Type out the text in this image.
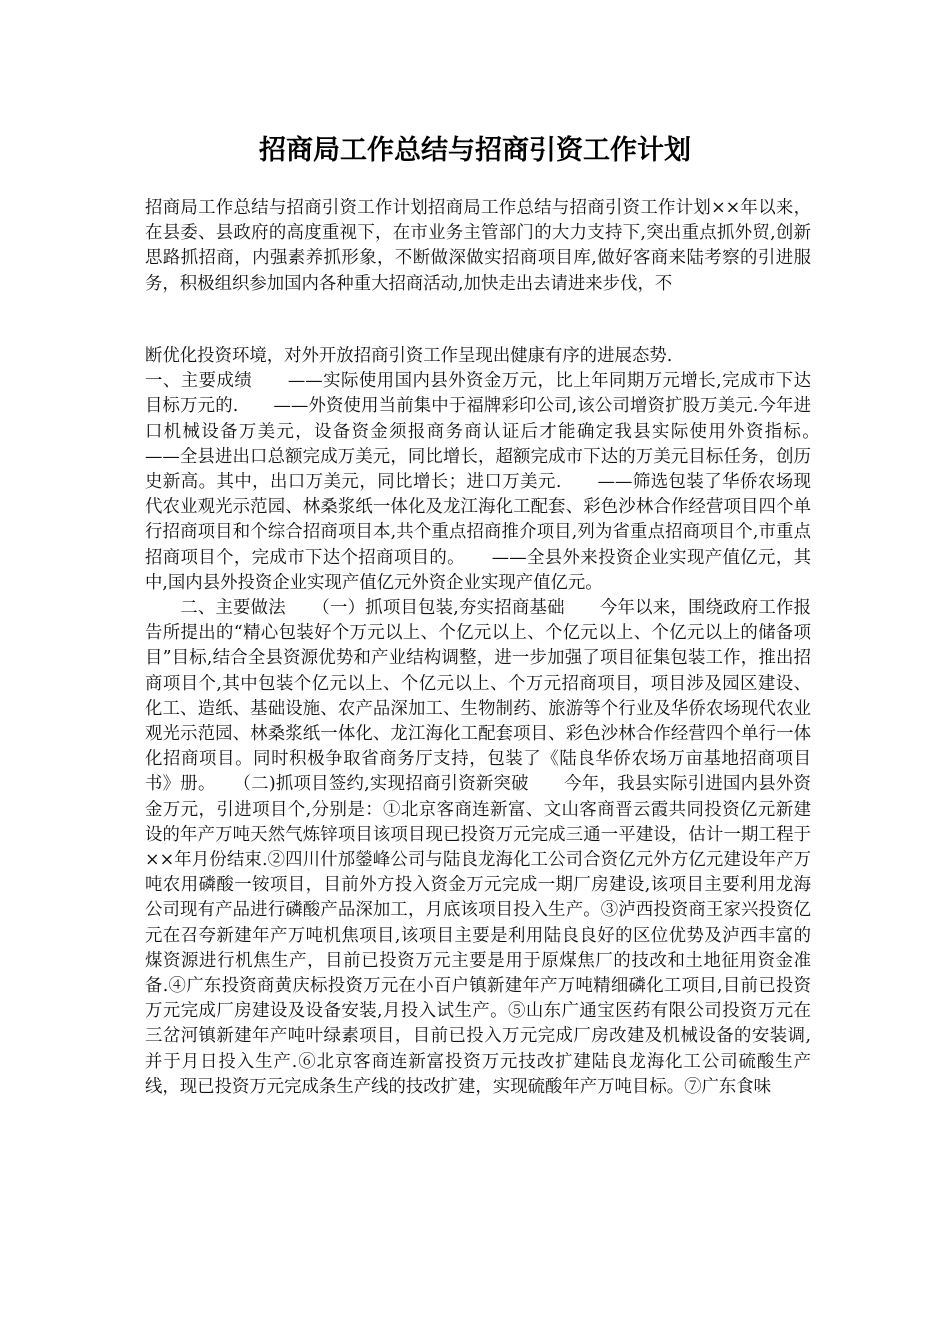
招商局工作总结与招商引资工作计划

招商局工作总结与招商引资工作计划招商局工作总结与招商引资工作计划××年以来，在县委、县政府的高度重视下，在市业务主管部门的大力支持下,突出重点抓外贸,创新思路抓招商，内强素养抓形象，不断做深做实招商项目库,做好客商来陆考察的引进服务，积极组织参加国内各种重大招商活动,加快走出去请进来步伐，不

断优化投资环境，对外开放招商引资工作呈现出健康有序的进展态势.
一、主要成绩　　——实际使用国内县外资金万元，比上年同期万元增长,完成市下达目标万元的.　　——外资使用当前集中于福牌彩印公司,该公司增资扩股万美元.今年进口机械设备万美元，设备资金须报商务商认证后才能确定我县实际使用外资指标。　　——全县进出口总额完成万美元，同比增长，超额完成市下达的万美元目标任务，创历史新高。其中，出口万美元，同比增长；进口万美元.　　——筛选包装了华侨农场现代农业观光示范园、林桑浆纸一体化及龙江海化工配套、彩色沙林合作经营项目四个单行招商项目和个综合招商项目本,共个重点招商推介项目,列为省重点招商项目个,市重点招商项目个，完成市下达个招商项目的。　　——全县外来投资企业实现产值亿元，其中,国内县外投资企业实现产值亿元外资企业实现产值亿元。
　　二、主要做法　　（一）抓项目包装,夯实招商基础　　今年以来，围绕政府工作报告所提出的“精心包装好个万元以上、个亿元以上、个亿元以上、个亿元以上的储备项目”目标,结合全县资源优势和产业结构调整，进一步加强了项目征集包装工作，推出招商项目个,其中包装个亿元以上、个亿元以上、个万元招商项目，项目涉及园区建设、化工、造纸、基础设施、农产品深加工、生物制药、旅游等个行业及华侨农场现代农业观光示范园、林桑浆纸一体化、龙江海化工配套项目、彩色沙林合作经营四个单行一体化招商项目。同时积极争取省商务厅支持，包装了《陆良华侨农场万亩基地招商项目书》册。　　（二)抓项目签约,实现招商引资新突破　　今年，我县实际引进国内县外资金万元，引进项目个,分别是：①北京客商连新富、文山客商晋云霞共同投资亿元新建设的年产万吨天然气炼锌项目该项目现已投资万元完成三通一平建设，估计一期工程于××年月份结束.②四川什邡鎣峰公司与陆良龙海化工公司合资亿元外方亿元建设年产万吨农用磷酸一铵项目，目前外方投入资金万元完成一期厂房建设,该项目主要利用龙海公司现有产品进行磷酸产品深加工，月底该项目投入生产。③泸西投资商王家兴投资亿元在召夸新建年产万吨机焦项目,该项目主要是利用陆良良好的区位优势及泸西丰富的煤资源进行机焦生产，目前已投资万元主要是用于原煤焦厂的技改和土地征用资金准备.④广东投资商黄庆标投资万元在小百户镇新建年产万吨精细磷化工项目,目前已投资万元完成厂房建设及设备安装,月投入试生产。⑤山东广通宝医药有限公司投资万元在三岔河镇新建年产吨叶绿素项目，目前已投入万元完成厂房改建及机械设备的安装调,并于月日投入生产.⑥北京客商连新富投资万元技改扩建陆良龙海化工公司硫酸生产线，现已投资万元完成条生产线的技改扩建，实现硫酸年产万吨目标。⑦广东食味
